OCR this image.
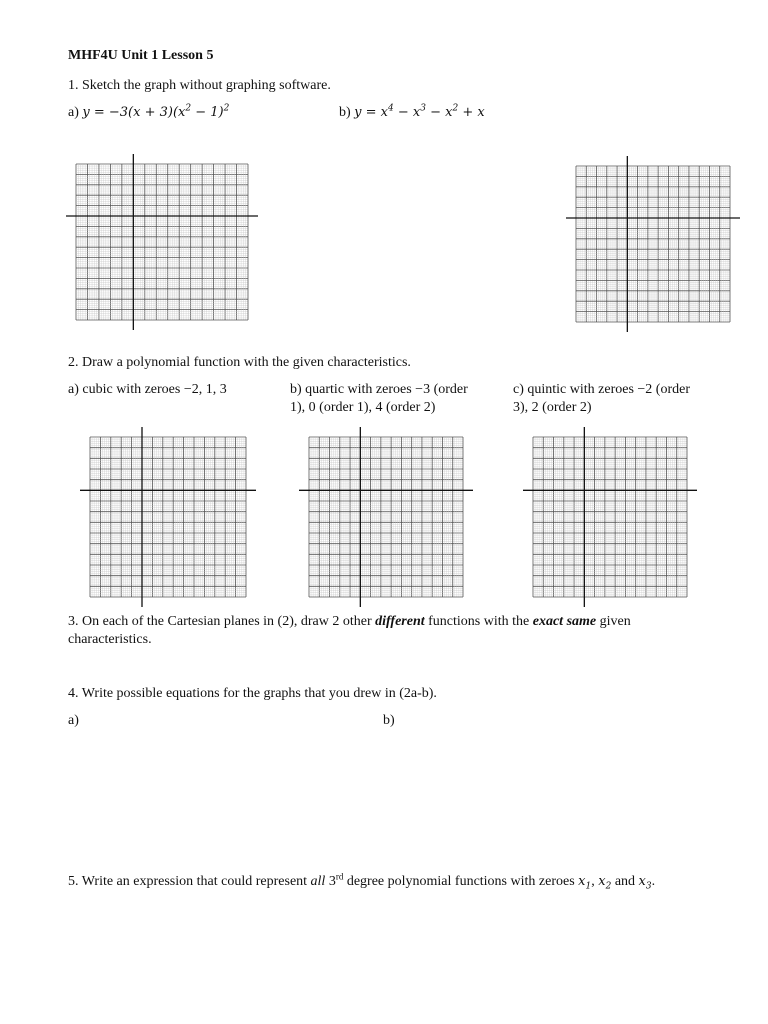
MHF4U Unit 1 Lesson 5
1. Sketch the graph without graphing software.
a) $y = -3(x + 3)(x^2 - 1)^2$	b) $y = x^4 - x^3 - x^2 + x$
2. Draw a polynomial function with the given characteristics.
a) cubic with zeroes −2, 1, 3	b) quartic with zeroes −3 (order
1), 0 (order 1), 4 (order 2)
c) quintic with zeroes −2 (order
3), 2 (order 2)
3. On each of the Cartesian planes in (2), draw 2 other different functions with the exact same given
characteristics.
4. Write possible equations for the graphs that you drew in (2a-b).
a)	b)
5. Write an expression that could represent all 3rd degree polynomial functions with zeroes $x_1$, $x_2$ and $x_3$.
